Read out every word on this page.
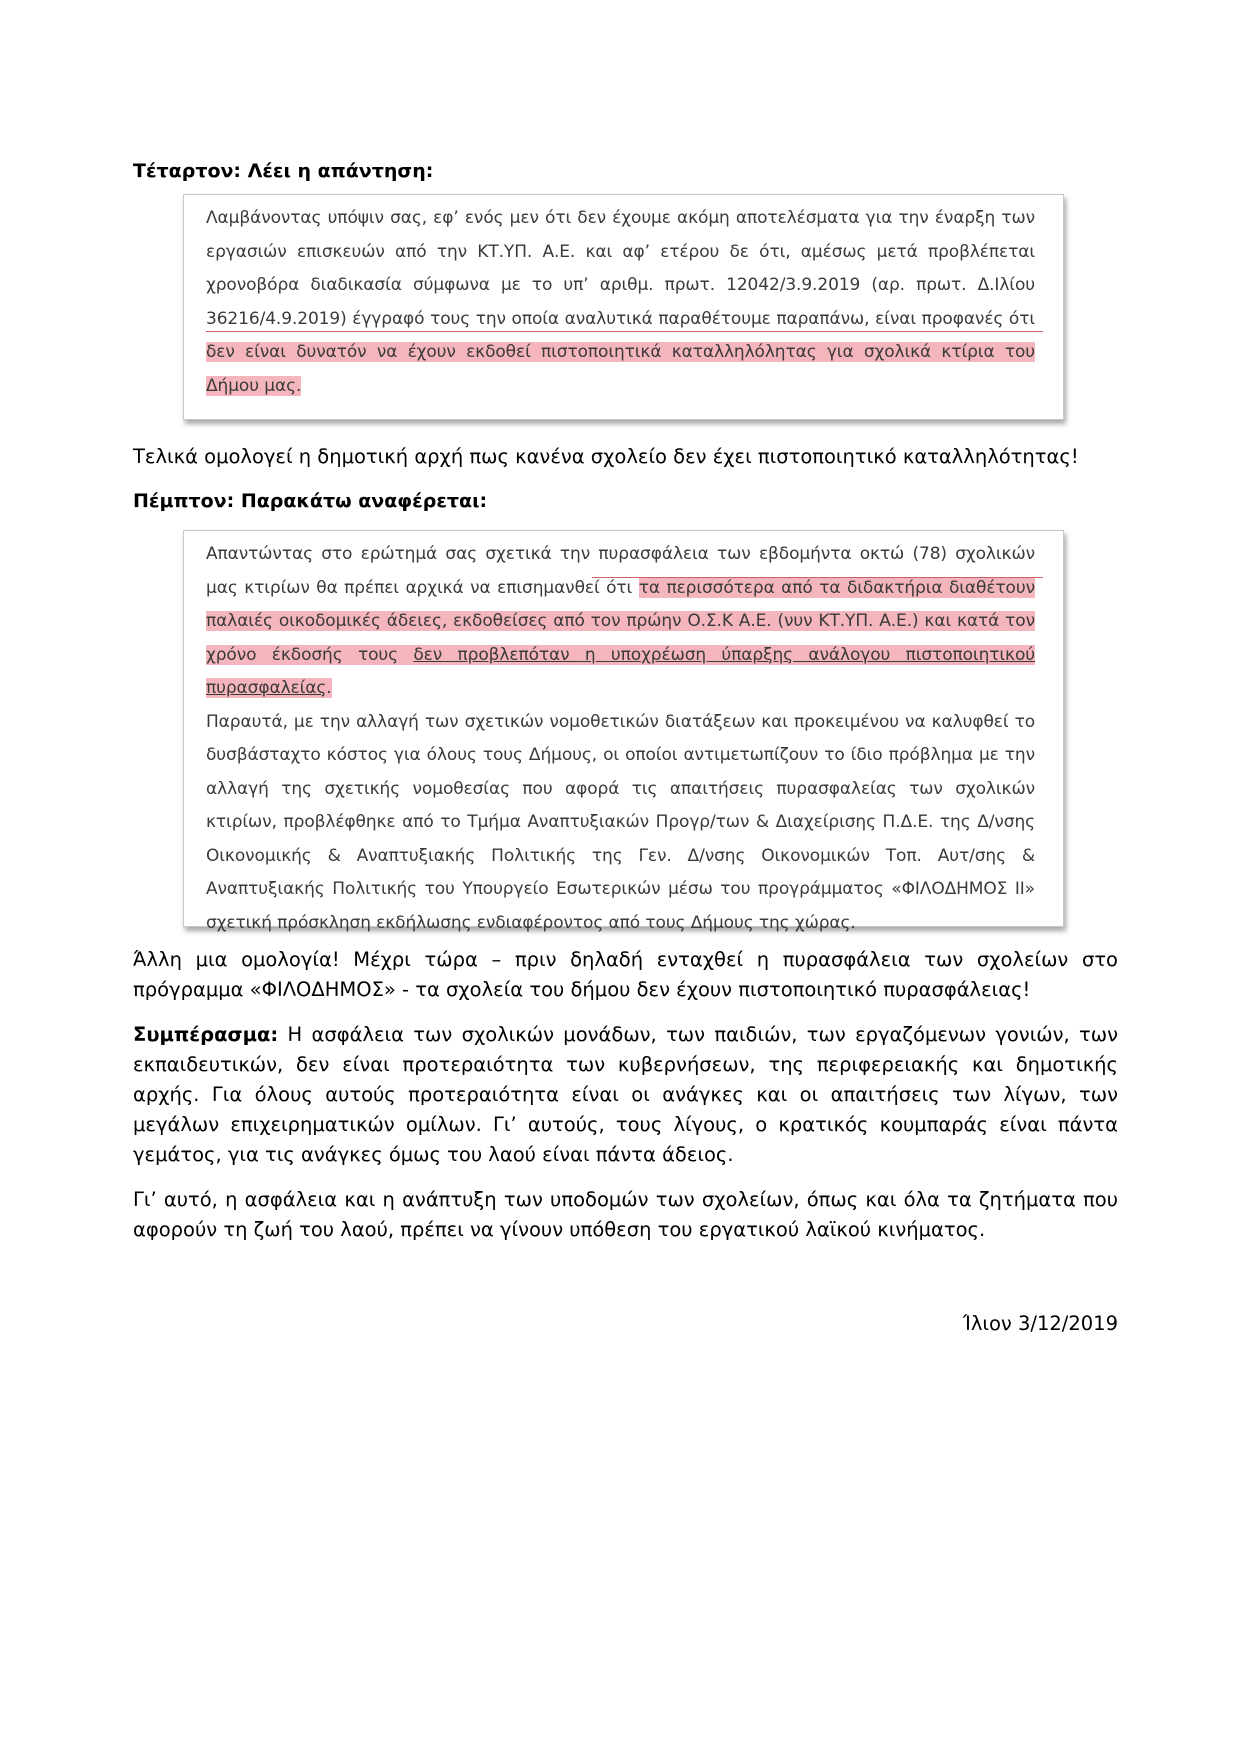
Τέταρτον: Λέει η απάντηση:
Λαμβάνοντας υπόψιν σας, εφ’ ενός μεν ότι δεν έχουμε ακόμη αποτελέσματα για την έναρξη των εργασιών επισκευών από την ΚΤ.ΥΠ. Α.Ε. και αφ’ ετέρου δε ότι, αμέσως μετά προβλέπεται χρονοβόρα διαδικασία σύμφωνα με το υπ’ αριθμ. πρωτ. 12042/3.9.2019 (αρ. πρωτ. Δ.Ιλίου 36216/4.9.2019) έγγραφό τους την οποία αναλυτικά παραθέτουμε παραπάνω, είναι προφανές ότι δεν είναι δυνατόν να έχουν εκδοθεί πιστοποιητικά καταλληλόλητας για σχολικά κτίρια του Δήμου μας.
Τελικά ομολογεί η δημοτική αρχή πως κανένα σχολείο δεν έχει πιστοποιητικό καταλληλότητας!
Πέμπτον: Παρακάτω αναφέρεται:
Απαντώντας στο ερώτημά σας σχετικά την πυρασφάλεια των εβδομήντα οκτώ (78) σχολικών μας κτιρίων θα πρέπει αρχικά να επισημανθεί ότι τα περισσότερα από τα διδακτήρια διαθέτουν παλαιές οικοδομικές άδειες, εκδοθείσες από τον πρώην Ο.Σ.Κ Α.Ε. (νυν ΚΤ.ΥΠ. Α.Ε.) και κατά τον χρόνο έκδοσής τους δεν προβλεπόταν η υποχρέωση ύπαρξης ανάλογου πιστοποιητικού πυρασφαλείας.
Παραυτά, με την αλλαγή των σχετικών νομοθετικών διατάξεων και προκειμένου να καλυφθεί το δυσβάσταχτο κόστος για όλους τους Δήμους, οι οποίοι αντιμετωπίζουν το ίδιο πρόβλημα με την αλλαγή της σχετικής νομοθεσίας που αφορά τις απαιτήσεις πυρασφαλείας των σχολικών κτιρίων, προβλέφθηκε από το Τμήμα Αναπτυξιακών Προγρ/των & Διαχείρισης Π.Δ.Ε. της Δ/νσης Οικονομικής & Αναπτυξιακής Πολιτικής της Γεν. Δ/νσης Οικονομικών Τοπ. Αυτ/σης & Αναπτυξιακής Πολιτικής του Υπουργείο Εσωτερικών μέσω του προγράμματος «ΦΙΛΟΔΗΜΟΣ ΙΙ» σχετική πρόσκληση εκδήλωσης ενδιαφέροντος από τους Δήμους της χώρας.
Άλλη μια ομολογία! Μέχρι τώρα – πριν δηλαδή ενταχθεί η πυρασφάλεια των σχολείων στο πρόγραμμα «ΦΙΛΟΔΗΜΟΣ» - τα σχολεία του δήμου δεν έχουν πιστοποιητικό πυρασφάλειας!
Συμπέρασμα: Η ασφάλεια των σχολικών μονάδων, των παιδιών, των εργαζόμενων γονιών, των εκπαιδευτικών, δεν είναι προτεραιότητα των κυβερνήσεων, της περιφερειακής και δημοτικής αρχής. Για όλους αυτούς προτεραιότητα είναι οι ανάγκες και οι απαιτήσεις των λίγων, των μεγάλων επιχειρηματικών ομίλων. Γι’ αυτούς, τους λίγους, ο κρατικός κουμπαράς είναι πάντα γεμάτος, για τις ανάγκες όμως του λαού είναι πάντα άδειος.
Γι’ αυτό, η ασφάλεια και η ανάπτυξη των υποδομών των σχολείων, όπως και όλα τα ζητήματα που αφορούν τη ζωή του λαού, πρέπει να γίνουν υπόθεση του εργατικού λαϊκού κινήματος.
Ίλιον 3/12/2019
